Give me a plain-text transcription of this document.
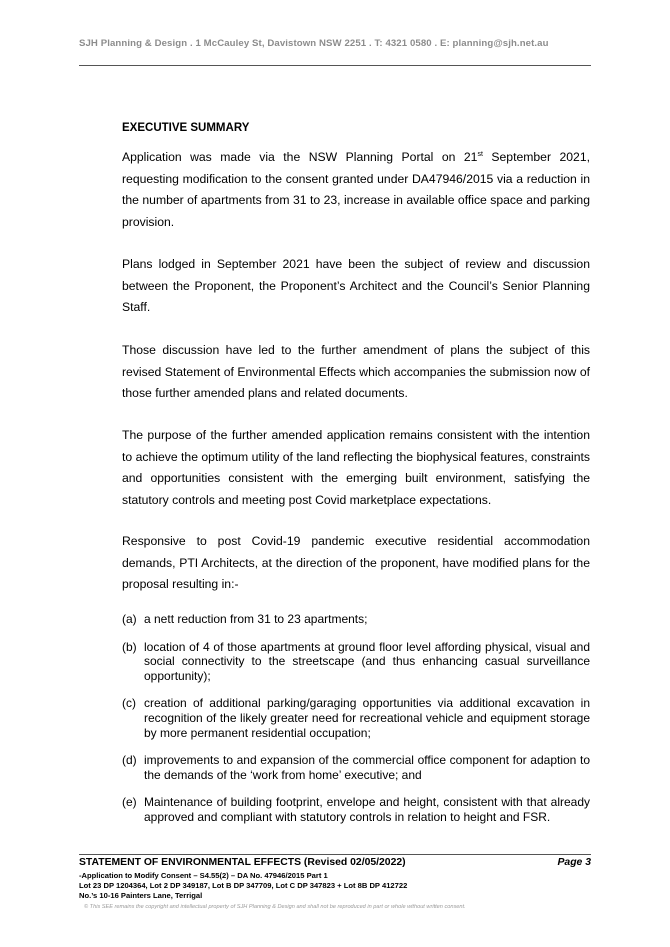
SJH Planning & Design . 1 McCauley St, Davistown NSW 2251 . T: 4321 0580 . E: planning@sjh.net.au
EXECUTIVE SUMMARY
Application was made via the NSW Planning Portal on 21st September 2021, requesting modification to the consent granted under DA47946/2015 via a reduction in the number of apartments from 31 to 23, increase in available office space and parking provision.
Plans lodged in September 2021 have been the subject of review and discussion between the Proponent, the Proponent’s Architect and the Council’s Senior Planning Staff.
Those discussion have led to the further amendment of plans the subject of this revised Statement of Environmental Effects which accompanies the submission now of those further amended plans and related documents.
The purpose of the further amended application remains consistent with the intention to achieve the optimum utility of the land reflecting the biophysical features, constraints and opportunities consistent with the emerging built environment, satisfying the statutory controls and meeting post Covid marketplace expectations.
Responsive to post Covid-19 pandemic executive residential accommodation demands, PTI Architects, at the direction of the proponent, have modified plans for the proposal resulting in:-
(a) a nett reduction from 31 to 23 apartments;
(b) location of 4 of those apartments at ground floor level affording physical, visual and social connectivity to the streetscape (and thus enhancing casual surveillance opportunity);
(c) creation of additional parking/garaging opportunities via additional excavation in recognition of the likely greater need for recreational vehicle and equipment storage by more permanent residential occupation;
(d) improvements to and expansion of the commercial office component for adaption to the demands of the ‘work from home’ executive; and
(e) Maintenance of building footprint, envelope and height, consistent with that already approved and compliant with statutory controls in relation to height and FSR.
STATEMENT OF ENVIRONMENTAL EFFECTS (Revised 02/05/2022)	Page 3
-Application to Modify Consent – S4.55(2) – DA No. 47946/2015 Part 1
Lot 23 DP 1204364, Lot 2 DP 349187, Lot B DP 347709, Lot C DP 347823 + Lot 8B DP 412722
No.’s 10-16 Painters Lane, Terrigal
© This SEE remains the copyright and intellectual property of SJH Planning & Design and shall not be reproduced in part or whole without written consent.
